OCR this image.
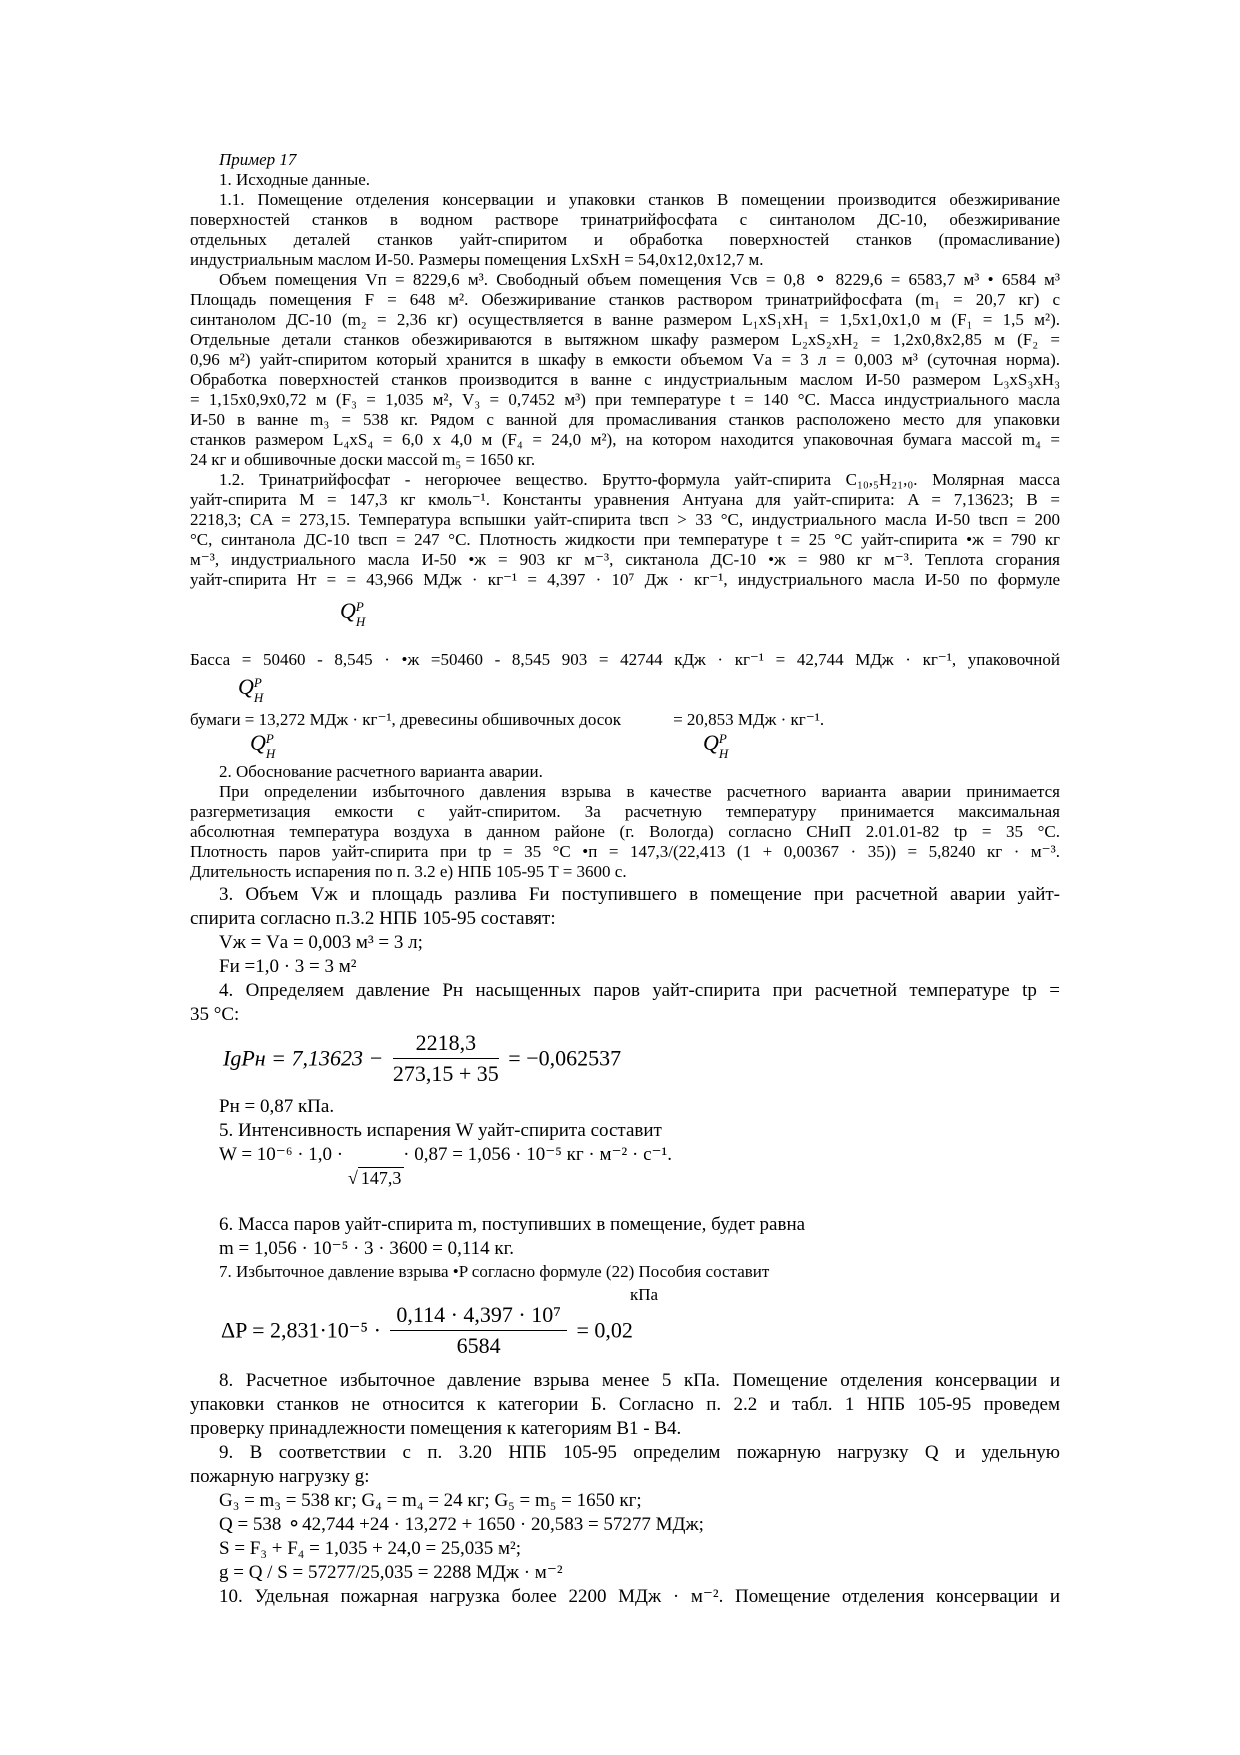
Пример 17
1. Исходные данные.
1.1. Помещение отделения консервации и упаковки станков В помещении производится обезжиривание
поверхностей станков в водном растворе тринатрийфосфата с синтанолом ДС-10, обезжиривание
отдельных деталей станков уайт-спиритом и обработка поверхностей станков (промасливание)
индустриальным маслом И-50. Размеры помещения LxSxH = 54,0x12,0x12,7 м.
Объем помещения Vп = 8229,6 м³. Свободный объем помещения Vсв = 0,8 ⚬ 8229,6 = 6583,7 м³ • 6584 м³
Площадь помещения F = 648 м². Обезжиривание станков раствором тринатрийфосфата (m₁ = 20,7 кг) с
синтанолом ДС-10 (m₂ = 2,36 кг) осуществляется в ванне размером L₁xS₁xH₁ = 1,5x1,0x1,0 м (F₁ = 1,5 м²).
Отдельные детали станков обезжириваются в вытяжном шкафу размером L₂xS₂xH₂ = 1,2x0,8x2,85 м (F₂ =
0,96 м²) уайт-спиритом который хранится в шкафу в емкости объемом Vа = 3 л = 0,003 м³ (суточная норма).
Обработка поверхностей станков производится в ванне с индустриальным маслом И-50 размером L₃xS₃xH₃
= 1,15x0,9x0,72 м (F₃ = 1,035 м², V₃ = 0,7452 м³) при температуре t = 140 °C. Масса индустриального масла
И-50 в ванне m₃ = 538 кг. Рядом с ванной для промасливания станков расположено место для упаковки
станков размером L₄xS₄ = 6,0 х 4,0 м (F₄ = 24,0 м²), на котором находится упаковочная бумага массой m₄ =
24 кг и обшивочные доски массой m₅ = 1650 кг.
1.2. Тринатрийфосфат - негорючее вещество. Брутто-формула уайт-спирита C₁₀,₅H₂₁,₀. Молярная масса
уайт-спирита M = 147,3 кг кмоль⁻¹. Константы уравнения Антуана для уайт-спирита: A = 7,13623; B =
2218,3; CA = 273,15. Температура вспышки уайт-спирита tвсп > 33 °C, индустриального масла И-50 tвсп = 200
°C, синтанола ДС-10 tвсп = 247 °C. Плотность жидкости при температуре t = 25 °C уайт-спирита •ж = 790 кг
м⁻³, индустриального масла И-50 •ж = 903 кг м⁻³, сиктанола ДС-10 •ж = 980 кг м⁻³. Теплота сгорания
уайт-спирита Hт = = 43,966 МДж · кг⁻¹ = 4,397 · 10⁷ Дж · кг⁻¹, индустриального масла И-50 по формуле
Q P
H
Басса = 50460 - 8,545 · •ж =50460 - 8,545 903 = 42744 кДж · кг⁻¹ = 42,744 МДж · кг⁻¹, упаковочной
Q P
H
бумаги = 13,272 МДж · кг⁻¹, древесины обшивочных досок	= 20,853 МДж · кг⁻¹.
Q P
H	Q P
H
2. Обоснование расчетного варианта аварии.
При определении избыточного давления взрыва в качестве расчетного варианта аварии принимается
разгерметизация емкости с уайт-спиритом. За расчетную температуру принимается максимальная
абсолютная температура воздуха в данном районе (г. Вологда) согласно СНиП 2.01.01-82 tр = 35 °C.
Плотность паров уайт-спирита при tр = 35 °C •п = 147,3/(22,413 (1 + 0,00367 · 35)) = 5,8240 кг · м⁻³.
Длительность испарения по п. 3.2 е) НПБ 105-95 T = 3600 с.
3. Объем Vж и площадь разлива Fи поступившего в помещение при расчетной аварии уайт-
спирита согласно п.3.2 НПБ 105-95 составят:
Vж = Vа = 0,003 м³ = 3 л;
Fи =1,0 · 3 = 3 м²
4. Определяем давление Pн насыщенных паров уайт-спирита при расчетной температуре tр =
35 °C:
IgPн = $7,13623 - \frac{2218,3}{273,15 + 35} = -0,062537$
Pн = 0,87 кПа.
5. Интенсивность испарения W уайт-спирита составит
W = 10⁻⁶ · 1,0 ·	· 0,87 = 1,056 · 10⁻⁵ кг · м⁻² · с⁻¹.
√ 147,3
6. Масса паров уайт-спирита m, поступивших в помещение, будет равна
m = 1,056 · 10⁻⁵ · 3 · 3600 = 0,114 кг.
7. Избыточное давление взрыва •P согласно формуле (22) Пособия составит
кПа
$\Delta P = 2,831\cdot 10^{-5} \cdot \frac{\text{0,114 · 4,397 · 10⁷}}{6584} = 0,02$
8. Расчетное избыточное давление взрыва менее 5 кПа. Помещение отделения консервации и
упаковки станков не относится к категории Б. Согласно п. 2.2 и табл. 1 НПБ 105-95 проведем
проверку принадлежности помещения к категориям В1 - В4.
9. В соответствии с п. 3.20 НПБ 105-95 определим пожарную нагрузку Q и удельную
пожарную нагрузку g:
G₃ = m₃ = 538 кг; G₄ = m₄ = 24 кг; G₅ = m₅ = 1650 кг;
Q = 538 ⚬42,744 +24 · 13,272 + 1650 · 20,583 = 57277 МДж;
S = F₃ + F₄ = 1,035 + 24,0 = 25,035 м²;
g = Q / S = 57277/25,035 = 2288 МДж · м⁻²
10. Удельная пожарная нагрузка более 2200 МДж · м⁻². Помещение отделения консервации и
